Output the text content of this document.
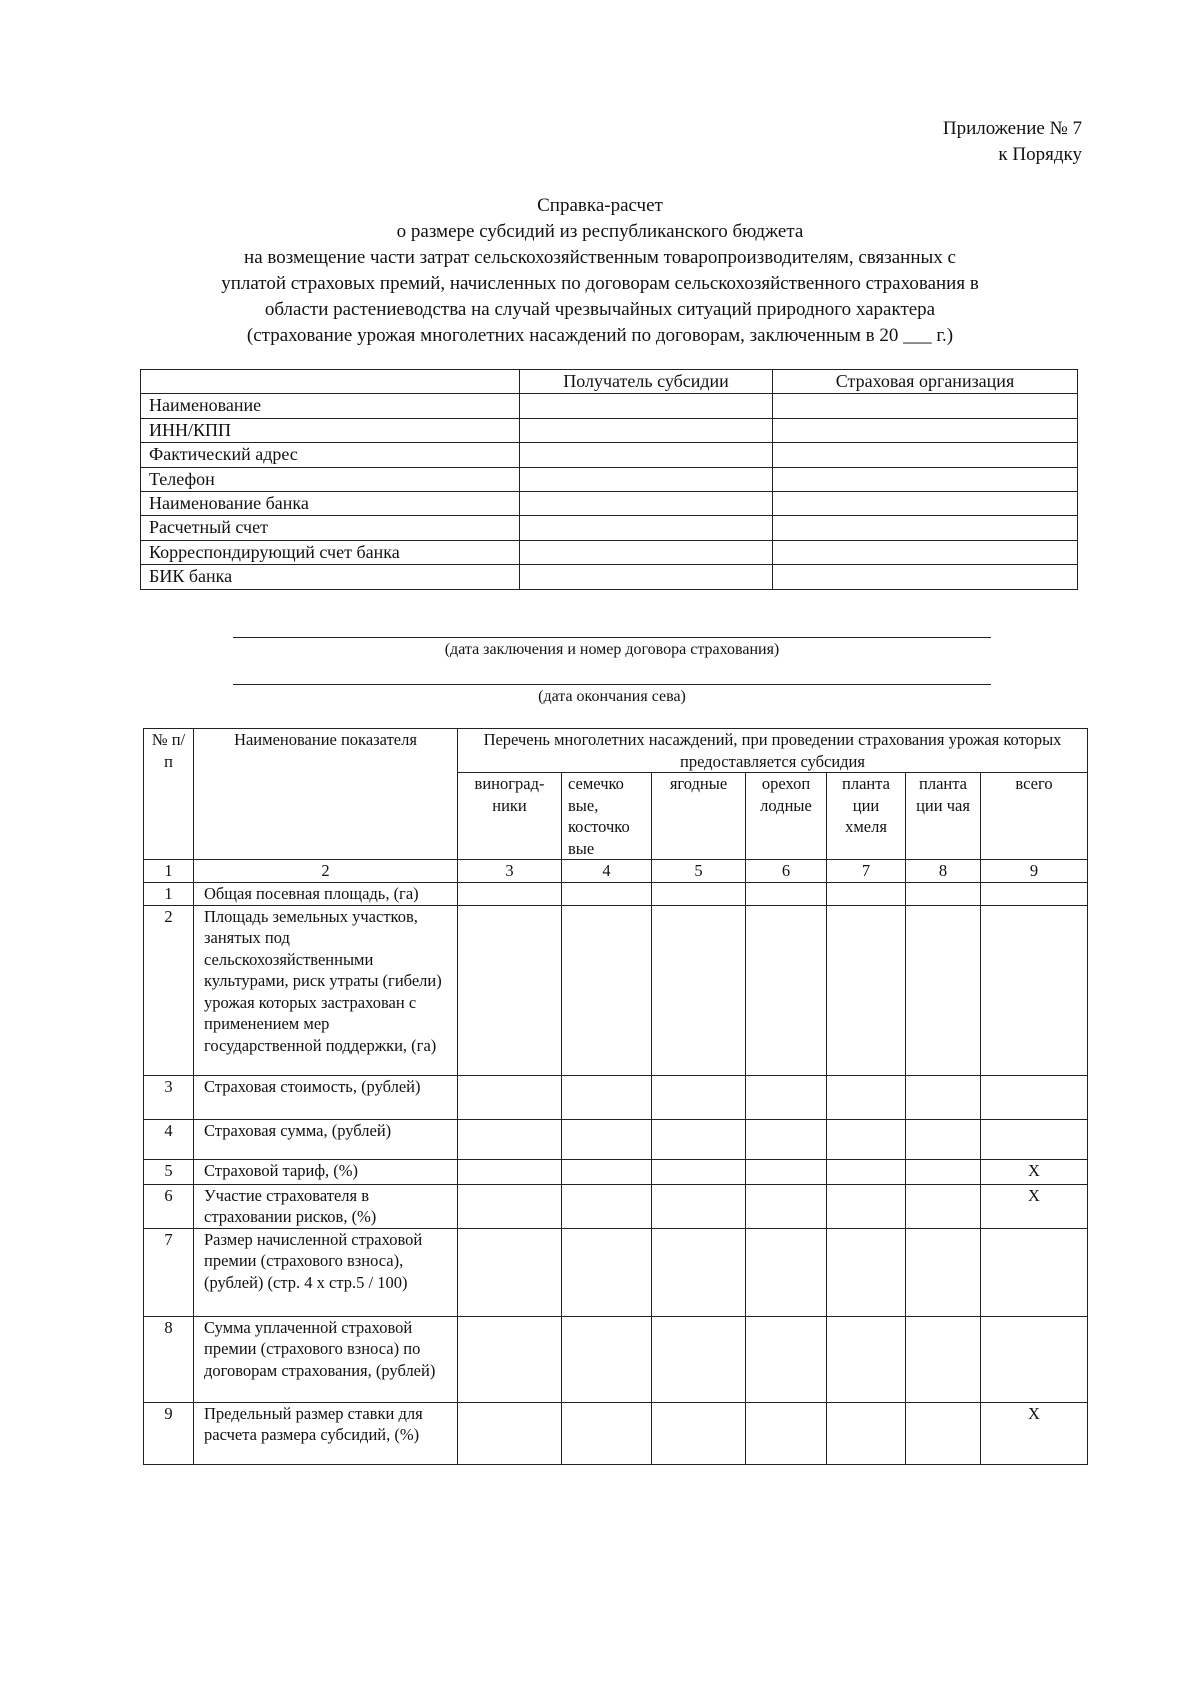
Приложение № 7
к Порядку
Справка-расчет
о размере субсидий из республиканского бюджета
на возмещение части затрат сельскохозяйственным товаропроизводителям, связанных с
уплатой страховых премий, начисленных по договорам сельскохозяйственного страхования в
области растениеводства на случай чрезвычайных ситуаций природного характера
(страхование урожая многолетних насаждений по договорам, заключенным в 20 ___ г.)
	Получатель субсидии	Страховая организация
Наименование		
ИНН/КПП		
Фактический адрес		
Телефон		
Наименование банка		
Расчетный счет		
Корреспондирующий счет банка		
БИК банка		
(дата заключения и номер договора страхования)
(дата окончания сева)
№ п/п	Наименование показателя	Перечень многолетних насаждений, при проведении страхования урожая которых предоставляется субсидия						
		виноград-ники	семечко вые, косточко вые	ягодные	орехоп лодные	планта ции хмеля	планта ции чая	всего
1	2	3	4	5	6	7	8	9
1	Общая посевная площадь, (га)							
2	Площадь земельных участков, занятых под сельскохозяйственными культурами, риск утраты (гибели) урожая которых застрахован с применением мер государственной поддержки, (га)							
3	Страховая стоимость, (рублей)							
4	Страховая сумма, (рублей)							
5	Страховой тариф, (%)							X
6	Участие страхователя в страховании рисков, (%)							X
7	Размер начисленной страховой премии (страхового взноса), (рублей) (стр. 4 х стр.5 / 100)							
8	Сумма уплаченной страховой премии (страхового взноса) по договорам страхования, (рублей)							
9	Предельный размер ставки для расчета размера субсидий, (%)							X
